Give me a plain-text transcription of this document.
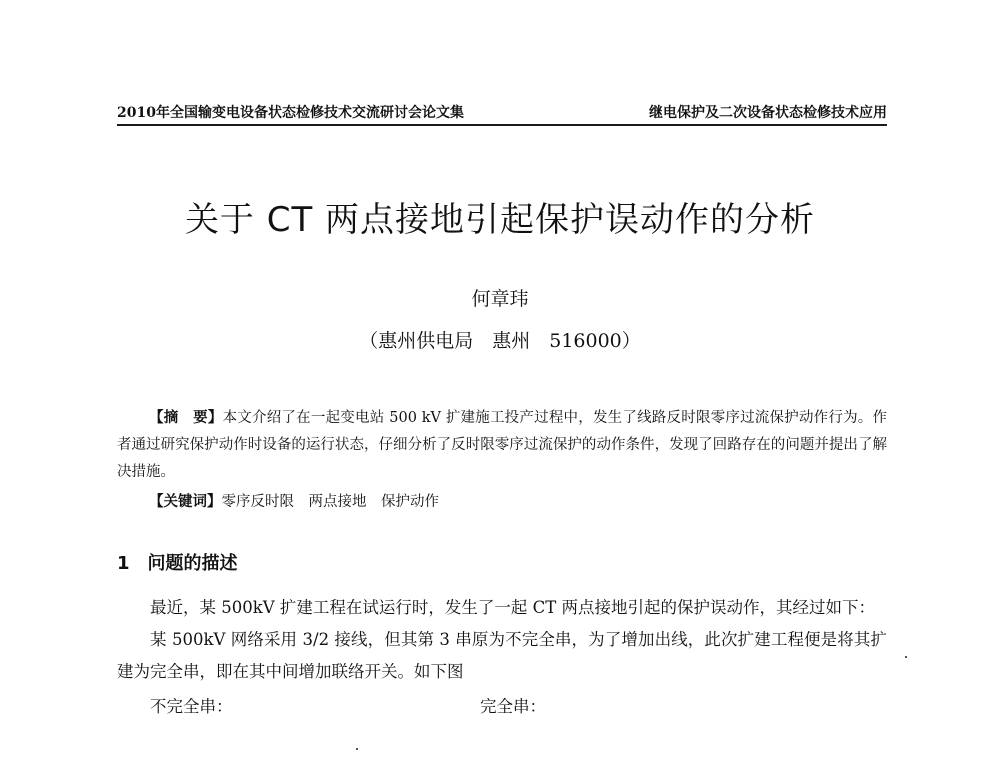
2010年全国输变电设备状态检修技术交流研讨会论文集	继电保护及二次设备状态检修技术应用
关于 CT 两点接地引起保护误动作的分析
何章玮
（惠州供电局　惠州　516000）
【摘　要】本文介绍了在一起变电站 500 kV 扩建施工投产过程中，发生了线路反时限零序过流保护动作行为。作者通过研究保护动作时设备的运行状态，仔细分析了反时限零序过流保护的动作条件，发现了回路存在的问题并提出了解决措施。
【关键词】零序反时限　两点接地　保护动作
1　问题的描述

最近，某 500kV 扩建工程在试运行时，发生了一起 CT 两点接地引起的保护误动作，其经过如下：

某 500kV 网络采用 3/2 接线，但其第 3 串原为不完全串，为了增加出线，此次扩建工程便是将其扩建为完全串，即在其中间增加联络开关。如下图

不完全串：	完全串：
